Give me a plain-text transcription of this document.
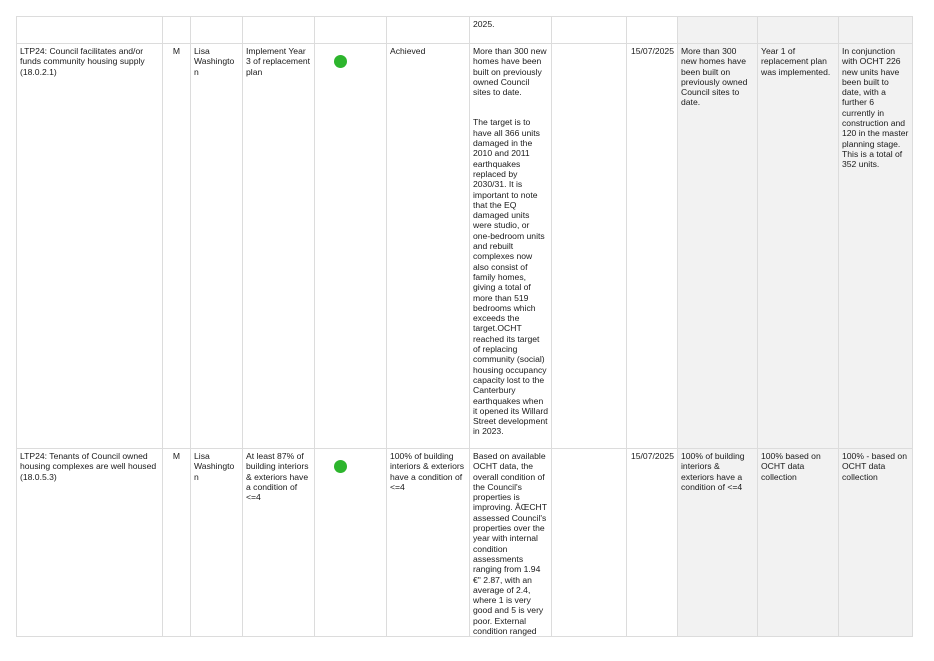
						2025.					
LTP24: Council facilitates and/or funds community housing supply (18.0.2.1)	M	Lisa Washington	Implement Year 3 of replacement plan		Achieved	More than 300 new homes have been built on previously owned Council sites to date.

The target is to have all 366 units damaged in the 2010 and 2011 earthquakes replaced by 2030/31. It is important to note that the EQ damaged units were studio, or one-bedroom units and rebuilt complexes now also consist of family homes, giving a total of more than 519 bedrooms which exceeds the target.OCHT reached its target of replacing community (social) housing occupancy capacity lost to the Canterbury earthquakes when it opened its Willard Street development in 2023.		15/07/2025	More than 300 new homes have been built on previously owned Council sites to date.	Year 1 of replacement plan was implemented.	In conjunction with OCHT 226 new units have been built to date, with a further 6 currently in construction and 120 in the master planning stage. This is a total of 352 units.
LTP24: Tenants of Council owned housing complexes are well housed (18.0.5.3)	M	Lisa Washington	At least 87% of building interiors & exteriors have a condition of <=4		100% of building interiors & exteriors have a condition of <=4	Based on available OCHT data, the overall condition of the Council's properties is improving. ÂŒCHT assessed Council's properties over the year with internal condition assessments ranging from 1.94 €" 2.87, with an average of 2.4, where 1 is very good and 5 is very poor. External condition ranged		15/07/2025	100% of building interiors & exteriors have a condition of <=4	100% based on OCHT data collection	100% - based on OCHT data collection
